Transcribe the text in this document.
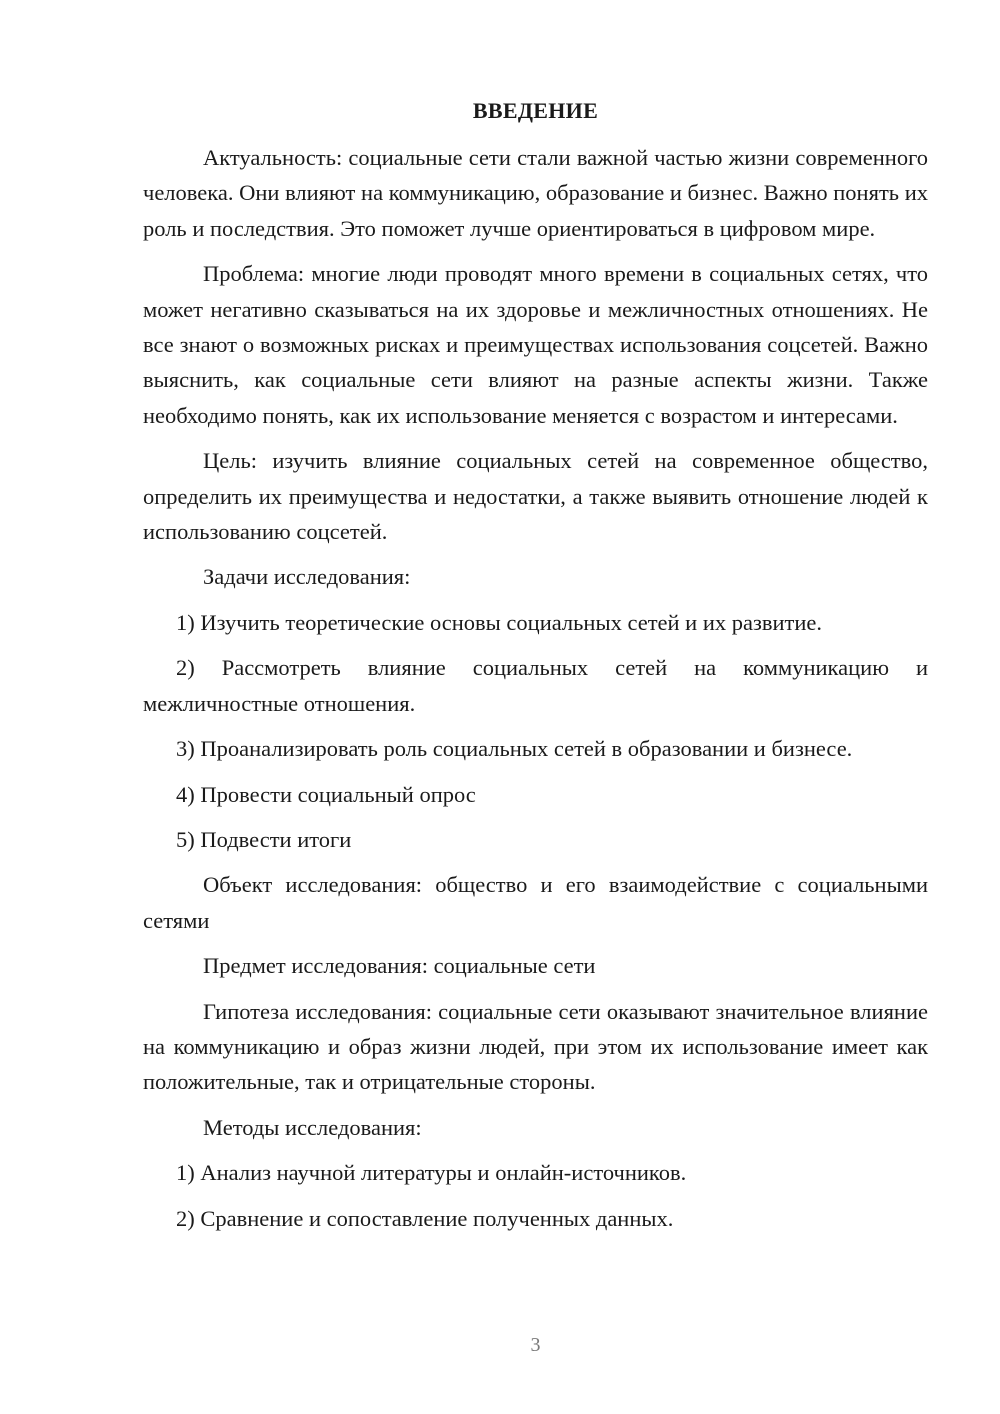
ВВЕДЕНИЕ

Актуальность: социальные сети стали важной частью жизни современного человека. Они влияют на коммуникацию, образование и бизнес. Важно понять их роль и последствия. Это поможет лучше ориентироваться в цифровом мире.

Проблема: многие люди проводят много времени в социальных сетях, что может негативно сказываться на их здоровье и межличностных отношениях. Не все знают о возможных рисках и преимуществах использования соцсетей. Важно выяснить, как социальные сети влияют на разные аспекты жизни. Также необходимо понять, как их использование меняется с возрастом и интересами.

Цель: изучить влияние социальных сетей на современное общество, определить их преимущества и недостатки, а также выявить отношение людей к использованию соцсетей.

Задачи исследования:

1) Изучить теоретические основы социальных сетей и их развитие.

2) Рассмотреть влияние социальных сетей на коммуникацию и межличностные отношения.

3) Проанализировать роль социальных сетей в образовании и бизнесе.

4) Провести социальный опрос

5) Подвести итоги

Объект исследования: общество и его взаимодействие с социальными сетями

Предмет исследования: социальные сети

Гипотеза исследования: социальные сети оказывают значительное влияние на коммуникацию и образ жизни людей, при этом их использование имеет как положительные, так и отрицательные стороны.

Методы исследования:

1) Анализ научной литературы и онлайн-источников.

2) Сравнение и сопоставление полученных данных.

3
